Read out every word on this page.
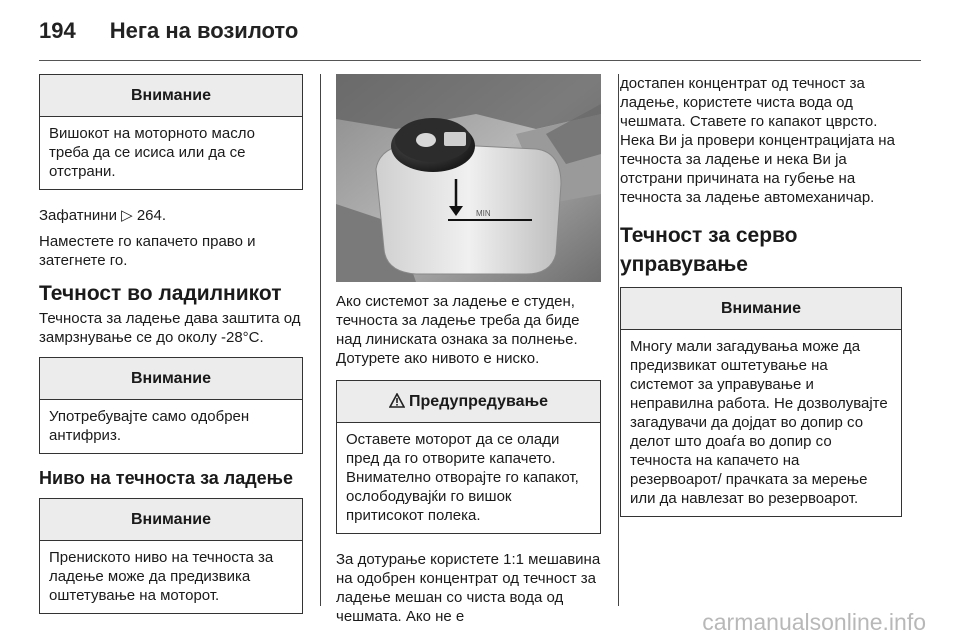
194 Нега на возилото
Внимание
Вишокот на моторното масло треба да се исиса или да се отстрани.

Зафатнини ▷ 264.

Наместете го капачето право и затегнете го.

Течност во ладилникот

Течноста за ладење дава заштита од замрзнување се до околу -28°С.

Внимание
Употребувајте само одобрен антифриз.
Ниво на течноста за ладење
Внимание
Прениското ниво на течноста за ладење може да предизвика оштетување на моторот.
MIN

Ако системот за ладење е студен, течноста за ладење треба да биде над линиската ознака за полнење. Дотурете ако нивото е ниско.

Предупредување
Оставете моторот да се олади пред да го отворите капачето. Внимателно отворајте го капакот, ослободувајќи го вишок притисокот полека.

За дотурање користете 1:1 мешавина на одобрен концентрат од течност за ладење мешан со чиста вода од чешмата. Ако не е

достапен концентрат од течност за ладење, користете чиста вода од чешмата. Ставете го капакот цврсто. Нека Ви ја провери концентрацијата на течноста за ладење и нека Ви ја отстрани причината на губење на течноста за ладење автомеханичар.

Течност за серво управување
Внимание
Многу мали загадувања може да предизвикат оштетување на системот за управување и неправилна работа. Не дозволувајте загадувачи да дојдат во допир со делот што доаѓа во допир со течноста на капачето на резервоарот/ прачката за мерење или да навлезат во резервоарот.
carmanualsonline.info
